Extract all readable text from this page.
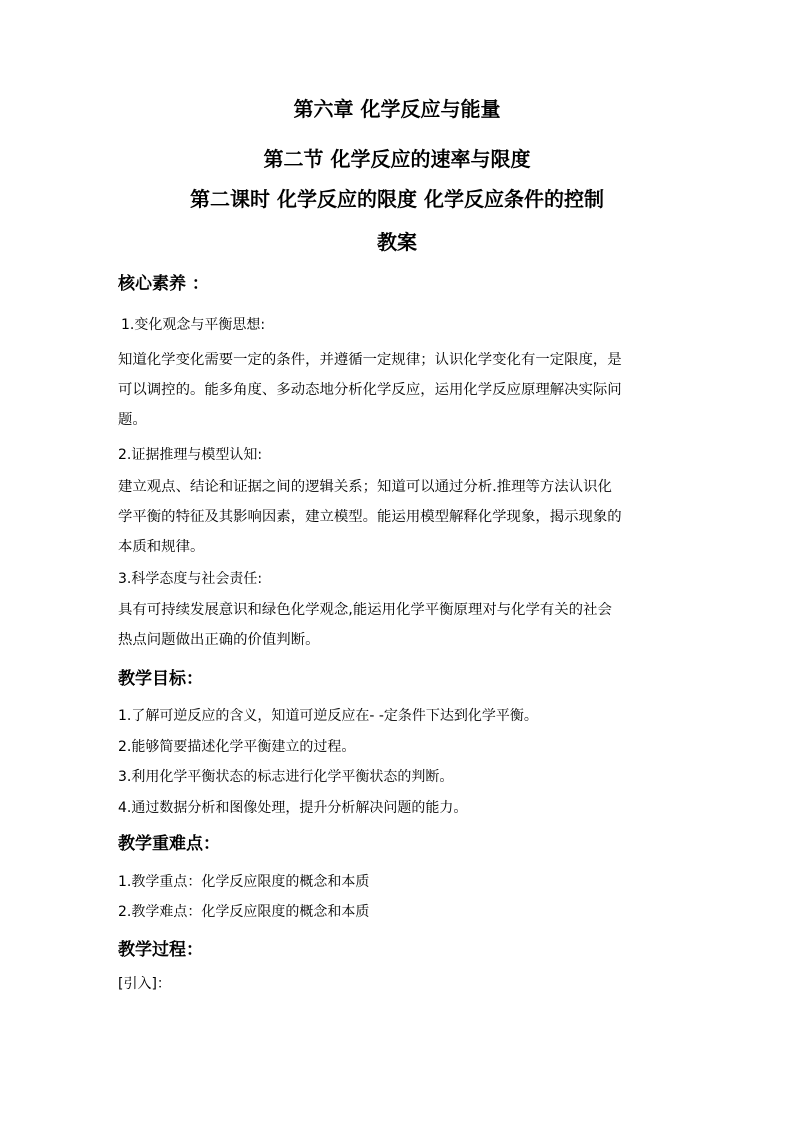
第六章 化学反应与能量
第二节 化学反应的速率与限度
第二课时 化学反应的限度 化学反应条件的控制
教案
核心素养 ：
1.变化观念与平衡思想:
知道化学变化需要一定的条件，并遵循一定规律；认识化学变化有一定限度，是
可以调控的。能多角度、多动态地分析化学反应，运用化学反应原理解决实际问
题。
2.证据推理与模型认知:
建立观点、结论和证据之间的逻辑关系；知道可以通过分析.推理等方法认识化
学平衡的特征及其影响因素，建立模型。能运用模型解释化学现象，揭示现象的
本质和规律。
3.科学态度与社会责任:
具有可持续发展意识和绿色化学观念,能运用化学平衡原理对与化学有关的社会
热点问题做出正确的价值判断。
教学目标：
1.了解可逆反应的含义，知道可逆反应在- -定条件下达到化学平衡。
2.能够简要描述化学平衡建立的过程。
3.利用化学平衡状态的标志进行化学平衡状态的判断。
4.通过数据分析和图像处理，提升分析解决问题的能力。
教学重难点：
1.教学重点：化学反应限度的概念和本质
2.教学难点：化学反应限度的概念和本质
教学过程：
[引入]：
